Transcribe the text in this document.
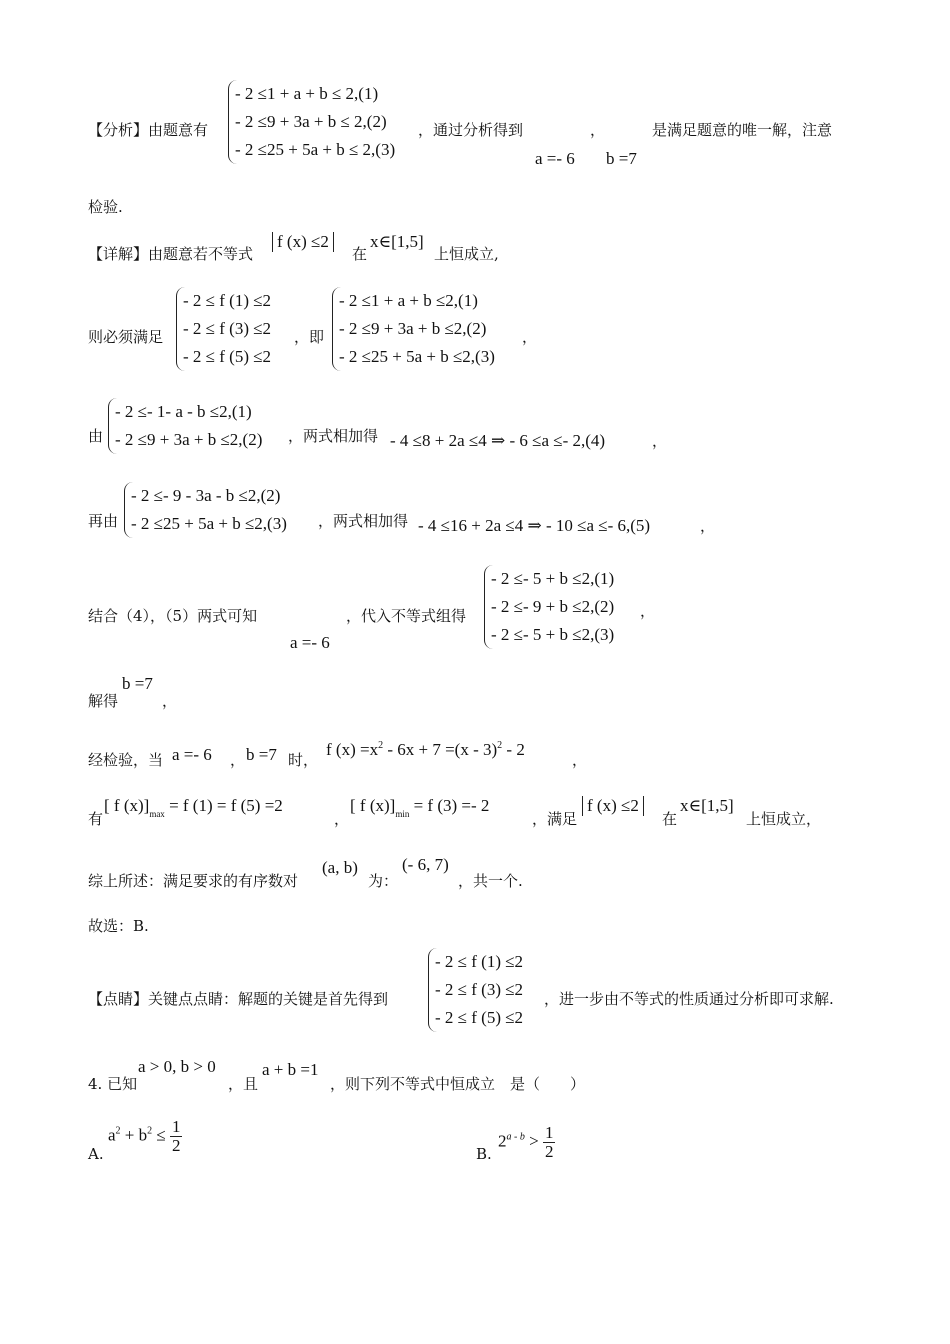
【分析】由题意有
- 2 ≤1 + a + b ≤ 2,(1)
- 2 ≤9 + 3a + b ≤ 2,(2)
- 2 ≤25 + 5a + b ≤ 2,(3)
，通过分析得到	，	是满足题意的唯一解，注意
a =- 6 b =7
检验.
【详解】由题意若不等式
f (x) ≤2
在
x∈[1,5]
上恒成立,
则必须满足
- 2 ≤ f (1) ≤2
- 2 ≤ f (3) ≤2
- 2 ≤ f (5) ≤2
，即
- 2 ≤1 + a + b ≤2,(1)
- 2 ≤9 + 3a + b ≤2,(2)
- 2 ≤25 + 5a + b ≤2,(3)
，
由
- 2 ≤- 1- a - b ≤2,(1)
- 2 ≤9 + 3a + b ≤2,(2) ，两式相加得 - 4 ≤8 + 2a ≤4 ⇒ - 6 ≤a ≤- 2,(4)	，
再由
- 2 ≤- 9 - 3a - b ≤2,(2)
- 2 ≤25 + 5a + b ≤2,(3) ，两式相加得 - 4 ≤16 + 2a ≤4 ⇒ - 10 ≤a ≤- 6,(5)	，
结合（4），（5）两式可知	，代入不等式组得
a =- 6
- 2 ≤- 5 + b ≤2,(1)
- 2 ≤- 9 + b ≤2,(2)
- 2 ≤- 5 + b ≤2,(3)
，
解得
b =7
，
经检验，当 a =- 6 ， b =7 时，
f $(x) =x^2 - 6x + 7 =(x - 3)^2 - 2$
，
有
[ f $(x)]_{max} = f$ (1) = f (5) =2
，
[ f $(x)]_{min} = f$ (3) =- 2
，满足
f (x) ≤2
在
x∈[1,5]
上恒成立，
综上所述：满足要求的有序数对
(a, b)
为：
(- 6, 7)
，共一个.
故选：B.
【点睛】关键点点睛：解题的关键是首先得到
- 2 ≤ f (1) ≤2
- 2 ≤ f (3) ≤2
- 2 ≤ f (5) ≤2
，进一步由不等式的性质通过分析即可求解.
4. 已知
a > 0, b > 0
，且
a + b =1
，则下列不等式中恒成立　是（　　）
A.
$a^2 + b^2 \le \frac{1}{2}$	B.
$2^{a - b} > \frac{1}{2}$
